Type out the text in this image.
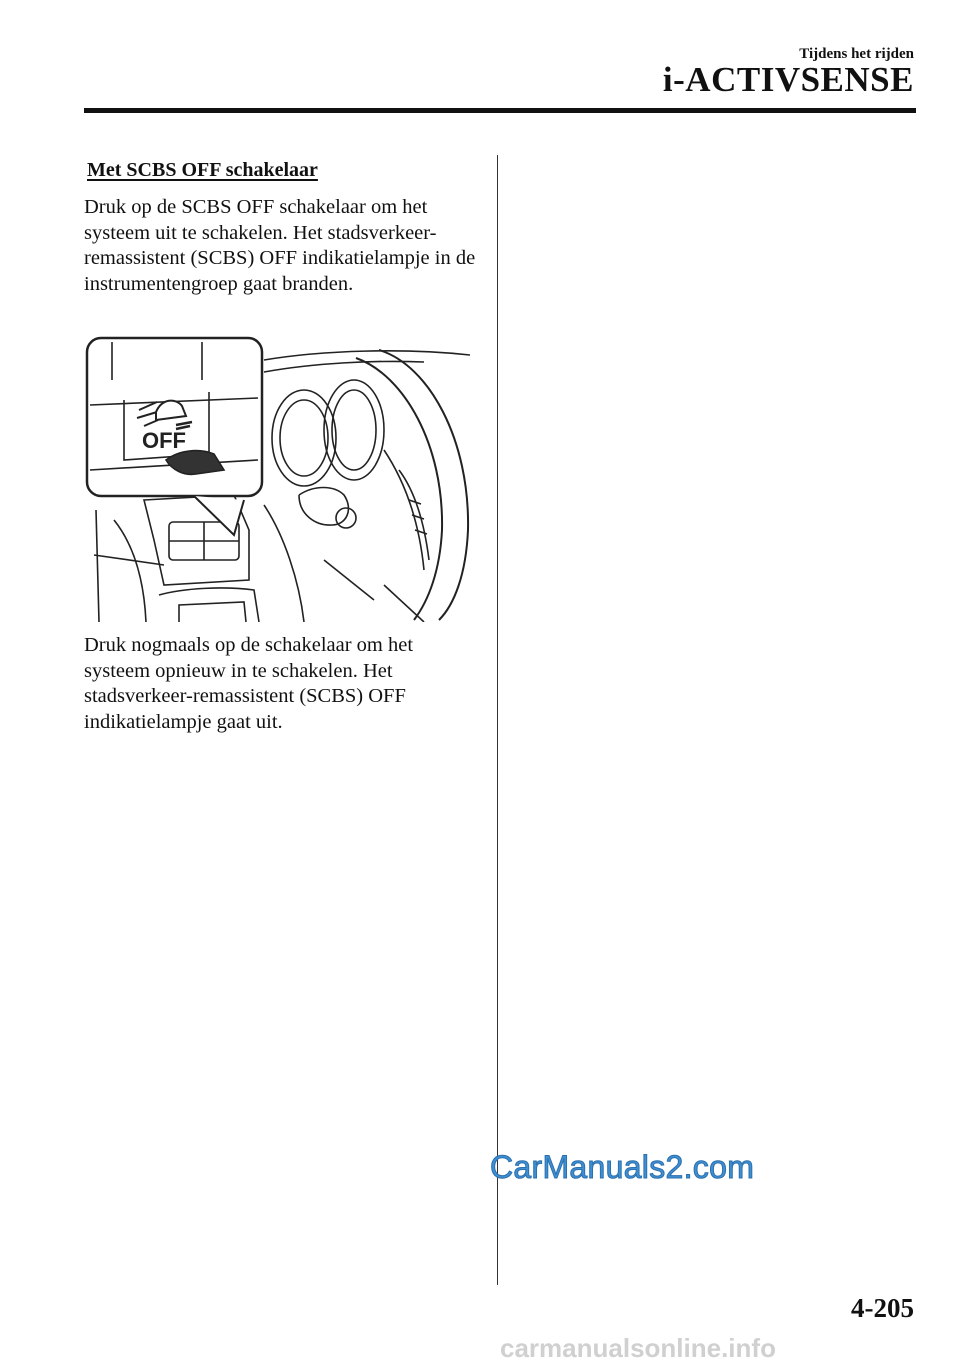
Tijdens het rijden
i-ACTIVSENSE
Met SCBS OFF schakelaar

Druk op de SCBS OFF schakelaar om het systeem uit te schakelen. Het stadsverkeer-remassistent (SCBS) OFF indikatielampje in de instrumentengroep gaat branden.

OFF

Druk nogmaals op de schakelaar om het systeem opnieuw in te schakelen. Het stadsverkeer-remassistent (SCBS) OFF indikatielampje gaat uit.

CarManuals2.com
4-205
carmanualsonline.info
